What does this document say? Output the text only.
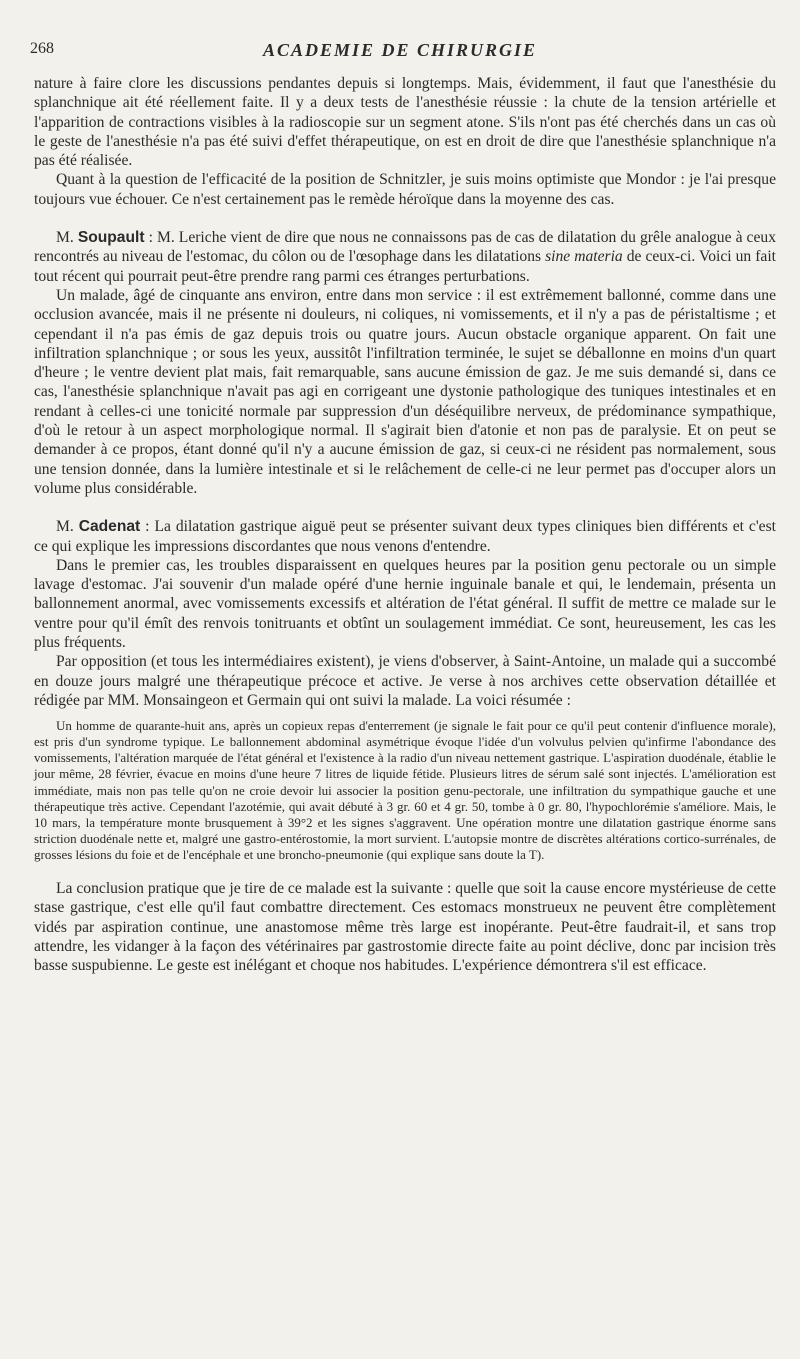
268	ACADEMIE DE CHIRURGIE

nature à faire clore les discussions pendantes depuis si longtemps. Mais, évidemment, il faut que l'anesthésie du splanchnique ait été réellement faite. Il y a deux tests de l'anesthésie réussie : la chute de la tension artérielle et l'apparition de contractions visibles à la radioscopie sur un segment atone. S'ils n'ont pas été cherchés dans un cas où le geste de l'anesthésie n'a pas été suivi d'effet thérapeutique, on est en droit de dire que l'anesthésie splanchnique n'a pas été réalisée.

Quant à la question de l'efficacité de la position de Schnitzler, je suis moins optimiste que Mondor : je l'ai presque toujours vue échouer. Ce n'est certainement pas le remède héroïque dans la moyenne des cas.

M. Soupault : M. Leriche vient de dire que nous ne connaissons pas de cas de dilatation du grêle analogue à ceux rencontrés au niveau de l'estomac, du côlon ou de l'œsophage dans les dilatations sine materia de ceux-ci. Voici un fait tout récent qui pourrait peut-être prendre rang parmi ces étranges perturbations.

Un malade, âgé de cinquante ans environ, entre dans mon service : il est extrêmement ballonné, comme dans une occlusion avancée, mais il ne présente ni douleurs, ni coliques, ni vomissements, et il n'y a pas de péristaltisme ; et cependant il n'a pas émis de gaz depuis trois ou quatre jours. Aucun obstacle organique apparent. On fait une infiltration splanchnique ; or sous les yeux, aussitôt l'infiltration terminée, le sujet se déballonne en moins d'un quart d'heure ; le ventre devient plat mais, fait remarquable, sans aucune émission de gaz. Je me suis demandé si, dans ce cas, l'anesthésie splanchnique n'avait pas agi en corrigeant une dystonie pathologique des tuniques intestinales et en rendant à celles-ci une tonicité normale par suppression d'un déséquilibre nerveux, de prédominance sympathique, d'où le retour à un aspect morphologique normal. Il s'agirait bien d'atonie et non pas de paralysie. Et on peut se demander à ce propos, étant donné qu'il n'y a aucune émission de gaz, si ceux-ci ne résident pas normalement, sous une tension donnée, dans la lumière intestinale et si le relâchement de celle-ci ne leur permet pas d'occuper alors un volume plus considérable.

M. Cadenat : La dilatation gastrique aiguë peut se présenter suivant deux types cliniques bien différents et c'est ce qui explique les impressions discordantes que nous venons d'entendre.

Dans le premier cas, les troubles disparaissent en quelques heures par la position genu pectorale ou un simple lavage d'estomac. J'ai souvenir d'un malade opéré d'une hernie inguinale banale et qui, le lendemain, présenta un ballonnement anormal, avec vomissements excessifs et altération de l'état général. Il suffit de mettre ce malade sur le ventre pour qu'il émît des renvois tonitruants et obtînt un soulagement immédiat. Ce sont, heureusement, les cas les plus fréquents.

Par opposition (et tous les intermédiaires existent), je viens d'observer, à Saint-Antoine, un malade qui a succombé en douze jours malgré une thérapeutique précoce et active. Je verse à nos archives cette observation détaillée et rédigée par MM. Monsaingeon et Germain qui ont suivi la malade. La voici résumée :

Un homme de quarante-huit ans, après un copieux repas d'enterrement (je signale le fait pour ce qu'il peut contenir d'influence morale), est pris d'un syndrome typique. Le ballonnement abdominal asymétrique évoque l'idée d'un volvulus pelvien qu'infirme l'abondance des vomissements, l'altération marquée de l'état général et l'existence à la radio d'un niveau nettement gastrique. L'aspiration duodénale, établie le jour même, 28 février, évacue en moins d'une heure 7 litres de liquide fétide. Plusieurs litres de sérum salé sont injectés. L'amélioration est immédiate, mais non pas telle qu'on ne croie devoir lui associer la position genu-pectorale, une infiltration du sympathique gauche et une thérapeutique très active. Cependant l'azotémie, qui avait débuté à 3 gr. 60 et 4 gr. 50, tombe à 0 gr. 80, l'hypochlorémie s'améliore. Mais, le 10 mars, la température monte brusquement à 39°2 et les signes s'aggravent. Une opération montre une dilatation gastrique énorme sans striction duodénale nette et, malgré une gastro-entérostomie, la mort survient. L'autopsie montre de discrètes altérations cortico-surrénales, de grosses lésions du foie et de l'encéphale et une broncho-pneumonie (qui explique sans doute la T).

La conclusion pratique que je tire de ce malade est la suivante : quelle que soit la cause encore mystérieuse de cette stase gastrique, c'est elle qu'il faut combattre directement. Ces estomacs monstrueux ne peuvent être complètement vidés par aspiration continue, une anastomose même très large est inopérante. Peut-être faudrait-il, et sans trop attendre, les vidanger à la façon des vétérinaires par gastrostomie directe faite au point déclive, donc par incision très basse suspubienne. Le geste est inélégant et choque nos habitudes. L'expérience démontrera s'il est efficace.
